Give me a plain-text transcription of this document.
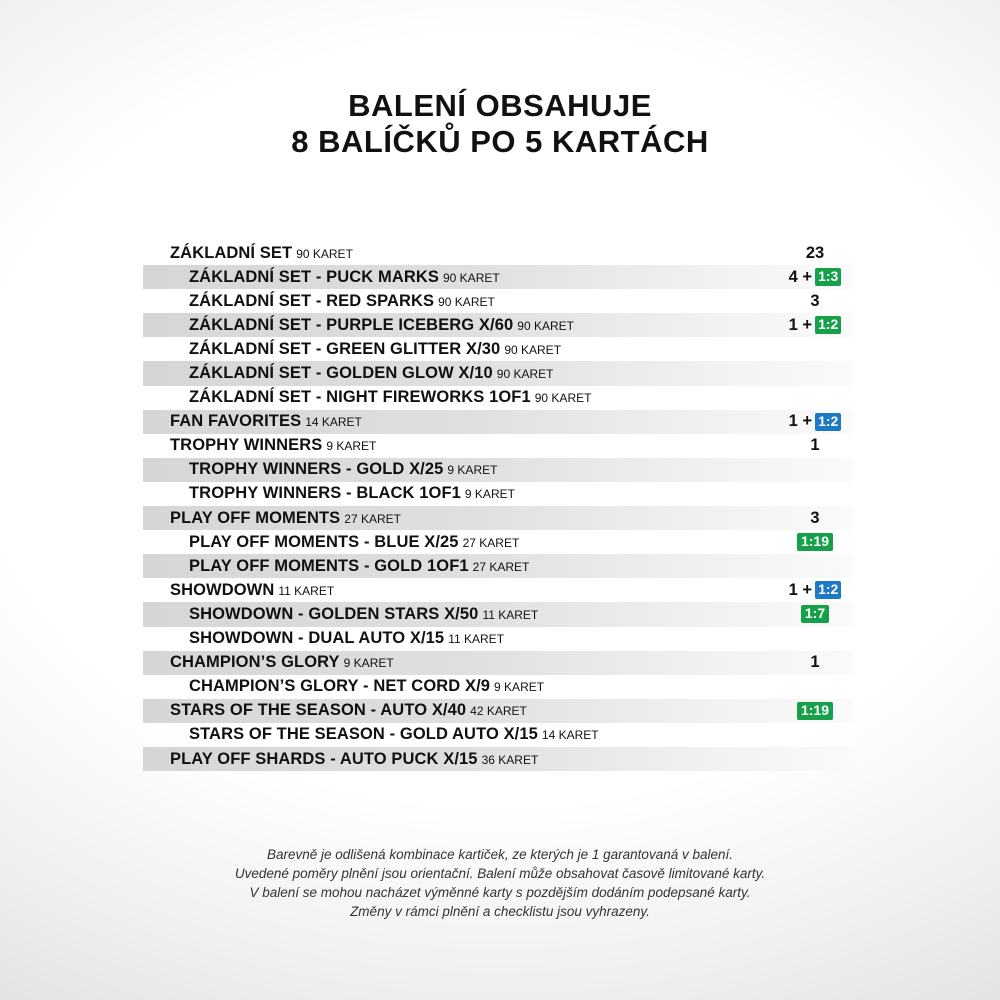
BALENÍ OBSAHUJE
8 BALÍČKŮ PO 5 KARTÁCH
ZÁKLADNÍ SET 90 KARET	23
ZÁKLADNÍ SET - PUCK MARKS 90 KARET	4 + 1:3
ZÁKLADNÍ SET - RED SPARKS 90 KARET	3
ZÁKLADNÍ SET - PURPLE ICEBERG X/60 90 KARET	1 + 1:2
ZÁKLADNÍ SET - GREEN GLITTER X/30 90 KARET
ZÁKLADNÍ SET - GOLDEN GLOW X/10 90 KARET
ZÁKLADNÍ SET - NIGHT FIREWORKS 1OF1 90 KARET
FAN FAVORITES 14 KARET	1 + 1:2
TROPHY WINNERS 9 KARET	1
TROPHY WINNERS - GOLD X/25 9 KARET
TROPHY WINNERS - BLACK 1OF1 9 KARET
PLAY OFF MOMENTS 27 KARET	3
PLAY OFF MOMENTS - BLUE X/25 27 KARET	1:19
PLAY OFF MOMENTS - GOLD 1OF1 27 KARET
SHOWDOWN 11 KARET	1 + 1:2
SHOWDOWN - GOLDEN STARS X/50 11 KARET	1:7
SHOWDOWN - DUAL AUTO X/15 11 KARET
CHAMPION’S GLORY 9 KARET	1
CHAMPION’S GLORY - NET CORD X/9 9 KARET
STARS OF THE SEASON - AUTO X/40 42 KARET	1:19
STARS OF THE SEASON - GOLD AUTO X/15 14 KARET
PLAY OFF SHARDS - AUTO PUCK X/15 36 KARET
Barevně je odlišená kombinace kartiček, ze kterých je 1 garantovaná v balení.
Uvedené poměry plnění jsou orientační. Balení může obsahovat časově limitované karty.
V balení se mohou nacházet výměnné karty s pozdějším dodáním podepsané karty.
Změny v rámci plnění a checklistu jsou vyhrazeny.
